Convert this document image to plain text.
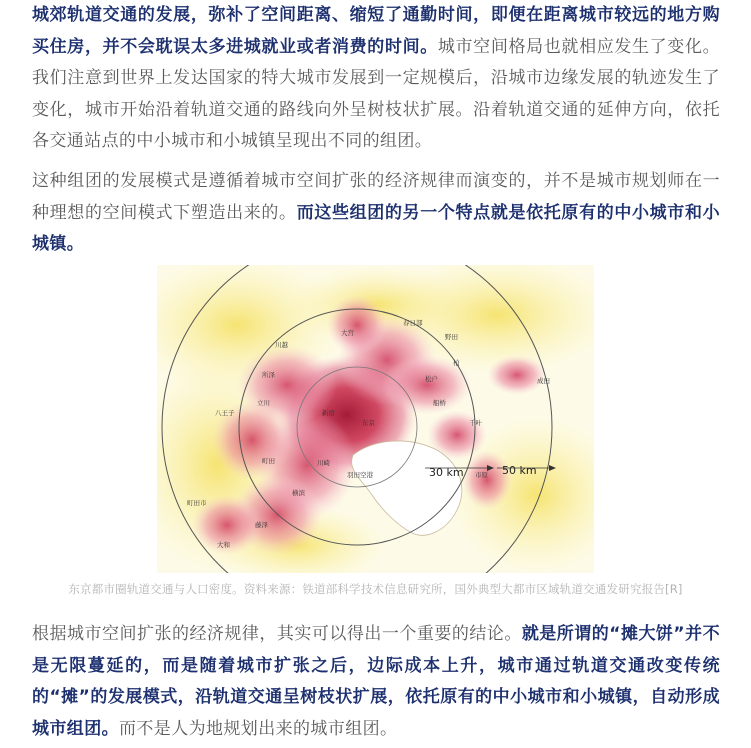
城郊轨道交通的发展，弥补了空间距离、缩短了通勤时间，即便在距离城市较远的地方购买住房，并不会耽误太多进城就业或者消费的时间。城市空间格局也就相应发生了变化。我们注意到世界上发达国家的特大城市发展到一定规模后，沿城市边缘发展的轨迹发生了变化，城市开始沿着轨道交通的路线向外呈树枝状扩展。沿着轨道交通的延伸方向，依托各交通站点的中小城市和小城镇呈现出不同的组团。

这种组团的发展模式是遵循着城市空间扩张的经济规律而演变的，并不是城市规划师在一种理想的空间模式下塑造出来的。而这些组团的另一个特点就是依托原有的中小城市和小城镇。

30 km	50 km
大宫
川越
春日部
野田
柏
松户
船桥
千叶
成田
八王子
立川
新宿
东京
横滨
川崎
藤泽
町田
羽田空港
所泽
市原
大和
町田市
东京都市圈轨道交通与人口密度。资料来源：铁道部科学技术信息研究所，国外典型大都市区域轨道交通发研究报告[R]

根据城市空间扩张的经济规律，其实可以得出一个重要的结论。就是所谓的“摊大饼”并不是无限蔓延的，而是随着城市扩张之后，边际成本上升，城市通过轨道交通改变传统的“摊”的发展模式，沿轨道交通呈树枝状扩展，依托原有的中小城市和小城镇，自动形成城市组团。而不是人为地规划出来的城市组团。
